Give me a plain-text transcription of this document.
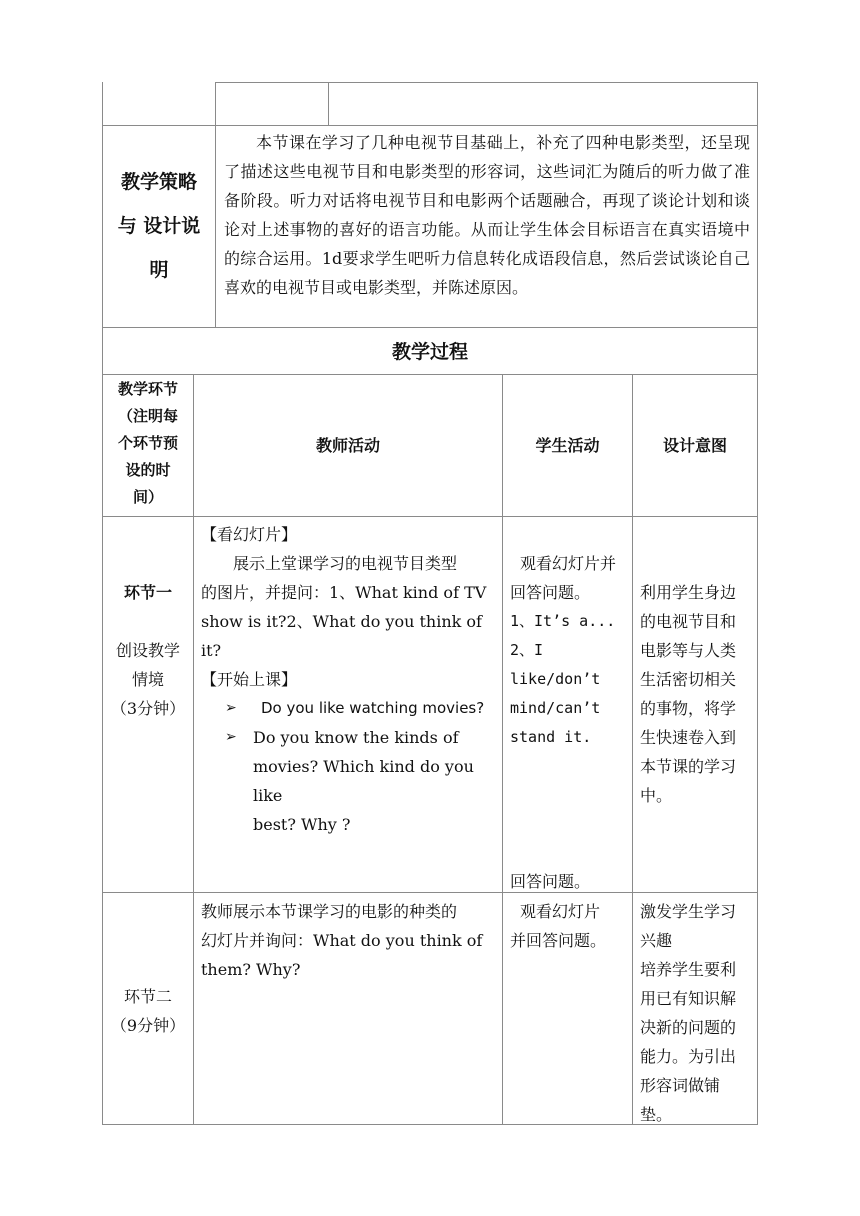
教学策略
与 设计说
明
本节课在学习了几种电视节目基础上，补充了四种电影类型，还呈现了描述这些电视节目和电影类型的形容词，这些词汇为随后的听力做了准备阶段。听力对话将电视节目和电影两个话题融合，再现了谈论计划和谈论对上述事物的喜好的语言功能。从而让学生体会目标语言在真实语境中的综合运用。1d要求学生吧听力信息转化成语段信息，然后尝试谈论自己喜欢的电视节目或电影类型，并陈述原因。
教学过程
教学环节
（注明每
个环节预
设的时
间）
教师活动	学生活动	设计意图
环节一
创设教学
情境
（3分钟）
【看幻灯片】
展示上堂课学习的电视节目类型
的图片，并提问：1、What kind of TV
show is it?2、What do you think of
it?
【开始上课】
➢ Do you like watching movies?
➢ Do you know the kinds of
movies? Which kind do you like
best? Why ?
观看幻灯片并
回答问题。
1、It’s a...
2、I
like/don’t
mind/can’t
stand it.
回答问题。
利用学生身边
的电视节目和
电影等与人类
生活密切相关
的事物，将学
生快速卷入到
本节课的学习
中。
环节二
（9分钟）
教师展示本节课学习的电影的种类的
幻灯片并询问：What do you think of
them? Why?
观看幻灯片
并回答问题。
激发学生学习
兴趣
培养学生要利
用已有知识解
决新的问题的
能力。为引出
形容词做铺
垫。
